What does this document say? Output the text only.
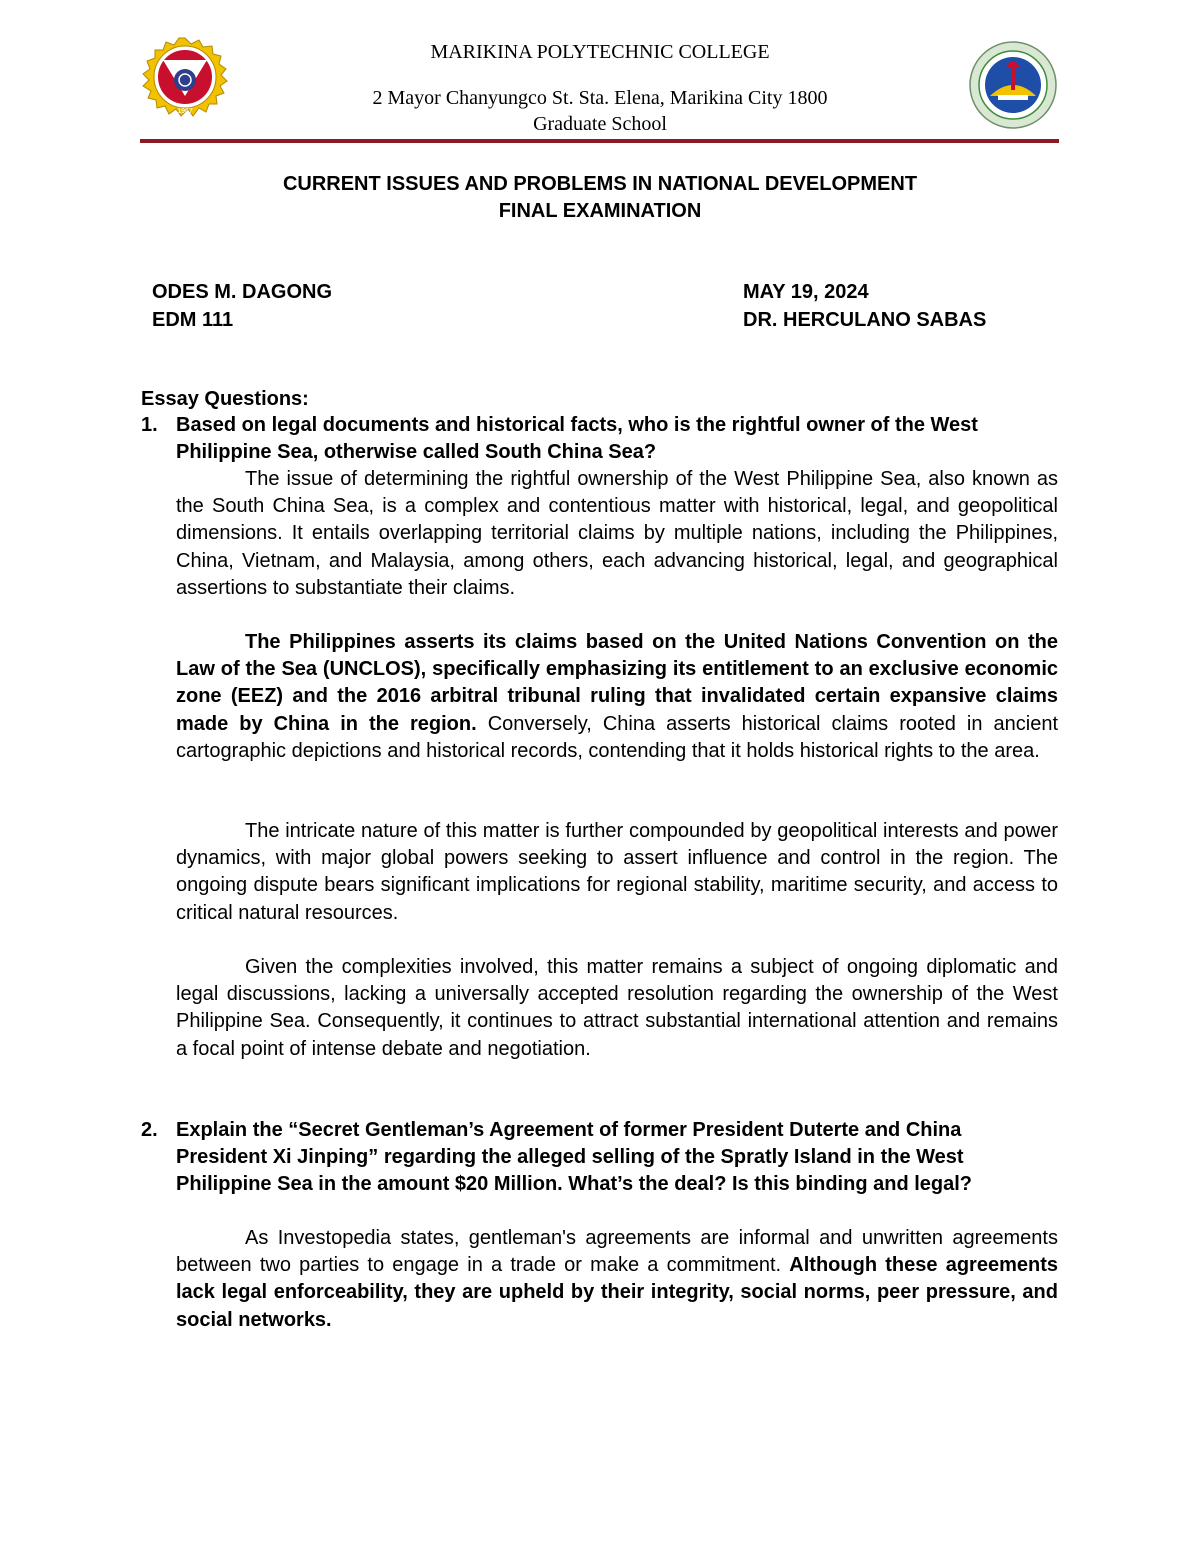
1967
MARIKINA POLYTECHNIC COLLEGE
2 Mayor Chanyungco St. Sta. Elena, Marikina City 1800
Graduate School
CURRENT ISSUES AND PROBLEMS IN NATIONAL DEVELOPMENT
FINAL EXAMINATION
ODES M. DAGONG
EDM 111
MAY 19, 2024
DR. HERCULANO SABAS
Essay Questions:
1. Based on legal documents and historical facts, who is the rightful owner of the West Philippine Sea, otherwise called South China Sea?
The issue of determining the rightful ownership of the West Philippine Sea, also known as the South China Sea, is a complex and contentious matter with historical, legal, and geopolitical dimensions. It entails overlapping territorial claims by multiple nations, including the Philippines, China, Vietnam, and Malaysia, among others, each advancing historical, legal, and geographical assertions to substantiate their claims.
The Philippines asserts its claims based on the United Nations Convention on the Law of the Sea (UNCLOS), specifically emphasizing its entitlement to an exclusive economic zone (EEZ) and the 2016 arbitral tribunal ruling that invalidated certain expansive claims made by China in the region. Conversely, China asserts historical claims rooted in ancient cartographic depictions and historical records, contending that it holds historical rights to the area.
The intricate nature of this matter is further compounded by geopolitical interests and power dynamics, with major global powers seeking to assert influence and control in the region. The ongoing dispute bears significant implications for regional stability, maritime security, and access to critical natural resources.
Given the complexities involved, this matter remains a subject of ongoing diplomatic and legal discussions, lacking a universally accepted resolution regarding the ownership of the West Philippine Sea. Consequently, it continues to attract substantial international attention and remains a focal point of intense debate and negotiation.
2. Explain the “Secret Gentleman’s Agreement of former President Duterte and China President Xi Jinping” regarding the alleged selling of the Spratly Island in the West Philippine Sea in the amount $20 Million. What’s the deal? Is this binding and legal?
As Investopedia states, gentleman's agreements are informal and unwritten agreements between two parties to engage in a trade or make a commitment. Although these agreements lack legal enforceability, they are upheld by their integrity, social norms, peer pressure, and social networks.
